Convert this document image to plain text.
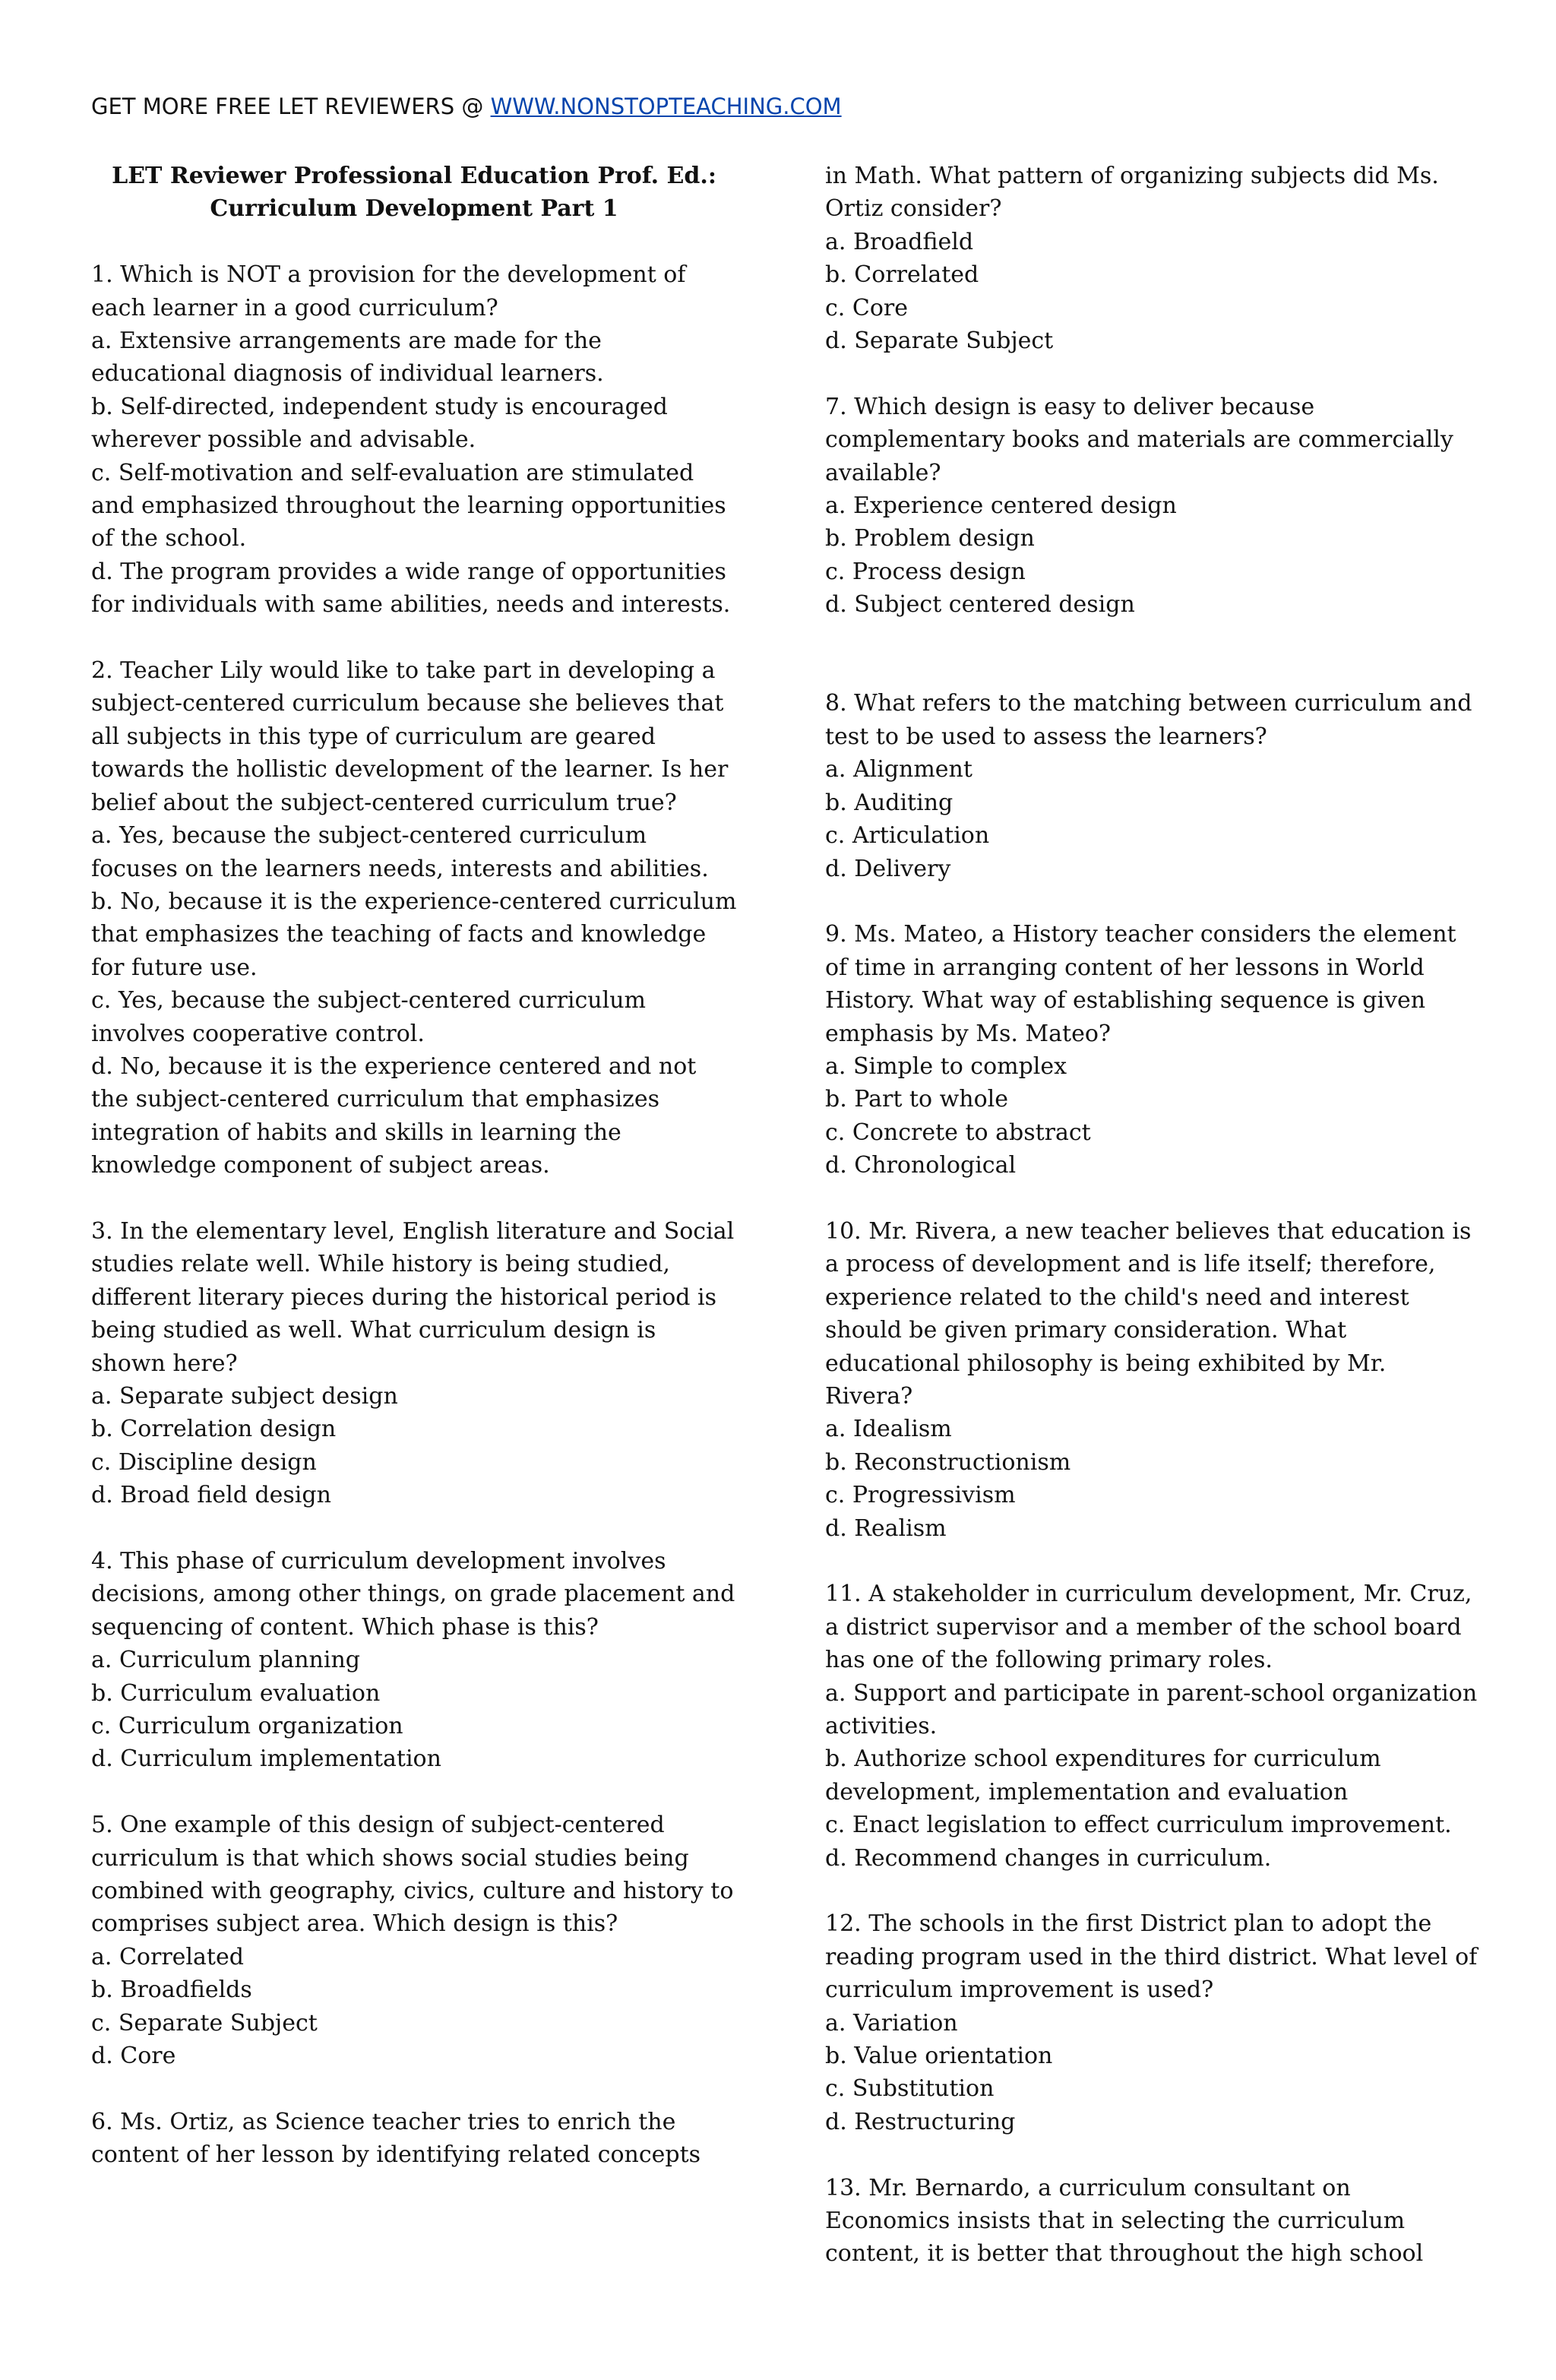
GET MORE FREE LET REVIEWERS @ WWW.NONSTOPTEACHING.COM
LET Reviewer Professional Education Prof. Ed.:
Curriculum Development Part 1
1. Which is NOT a provision for the development of each learner in a good curriculum?
a. Extensive arrangements are made for the educational diagnosis of individual learners.
b. Self-directed, independent study is encouraged wherever possible and advisable.
c. Self-motivation and self-evaluation are stimulated and emphasized throughout the learning opportunities of the school.
d. The program provides a wide range of opportunities for individuals with same abilities, needs and interests.
2. Teacher Lily would like to take part in developing a subject-centered curriculum because she believes that all subjects in this type of curriculum are geared towards the hollistic development of the learner. Is her belief about the subject-centered curriculum true?
a. Yes, because the subject-centered curriculum focuses on the learners needs, interests and abilities.
b. No, because it is the experience-centered curriculum that emphasizes the teaching of facts and knowledge for future use.
c. Yes, because the subject-centered curriculum involves cooperative control.
d. No, because it is the experience centered and not the subject-centered curriculum that emphasizes integration of habits and skills in learning the knowledge component of subject areas.
3. In the elementary level, English literature and Social studies relate well. While history is being studied, different literary pieces during the historical period is being studied as well. What curriculum design is shown here?
a. Separate subject design
b. Correlation design
c. Discipline design
d. Broad field design
4. This phase of curriculum development involves decisions, among other things, on grade placement and sequencing of content. Which phase is this?
a. Curriculum planning
b. Curriculum evaluation
c. Curriculum organization
d. Curriculum implementation
5. One example of this design of subject-centered curriculum is that which shows social studies being combined with geography, civics, culture and history to comprises subject area. Which design is this?
a. Correlated
b. Broadfields
c. Separate Subject
d. Core
6. Ms. Ortiz, as Science teacher tries to enrich the content of her lesson by identifying related concepts
in Math. What pattern of organizing subjects did Ms. Ortiz consider?
a. Broadfield
b. Correlated
c. Core
d. Separate Subject
7. Which design is easy to deliver because complementary books and materials are commercially available?
a. Experience centered design
b. Problem design
c. Process design
d. Subject centered design
8. What refers to the matching between curriculum and test to be used to assess the learners?
a. Alignment
b. Auditing
c. Articulation
d. Delivery
9. Ms. Mateo, a History teacher considers the element of time in arranging content of her lessons in World History. What way of establishing sequence is given emphasis by Ms. Mateo?
a. Simple to complex
b. Part to whole
c. Concrete to abstract
d. Chronological
10. Mr. Rivera, a new teacher believes that education is a process of development and is life itself; therefore, experience related to the child's need and interest should be given primary consideration. What educational philosophy is being exhibited by Mr. Rivera?
a. Idealism
b. Reconstructionism
c. Progressivism
d. Realism
11. A stakeholder in curriculum development, Mr. Cruz, a district supervisor and a member of the school board has one of the following primary roles.
a. Support and participate in parent-school organization activities.
b. Authorize school expenditures for curriculum development, implementation and evaluation
c. Enact legislation to effect curriculum improvement.
d. Recommend changes in curriculum.
12. The schools in the first District plan to adopt the reading program used in the third district. What level of curriculum improvement is used?
a. Variation
b. Value orientation
c. Substitution
d. Restructuring
13. Mr. Bernardo, a curriculum consultant on Economics insists that in selecting the curriculum content, it is better that throughout the high school
